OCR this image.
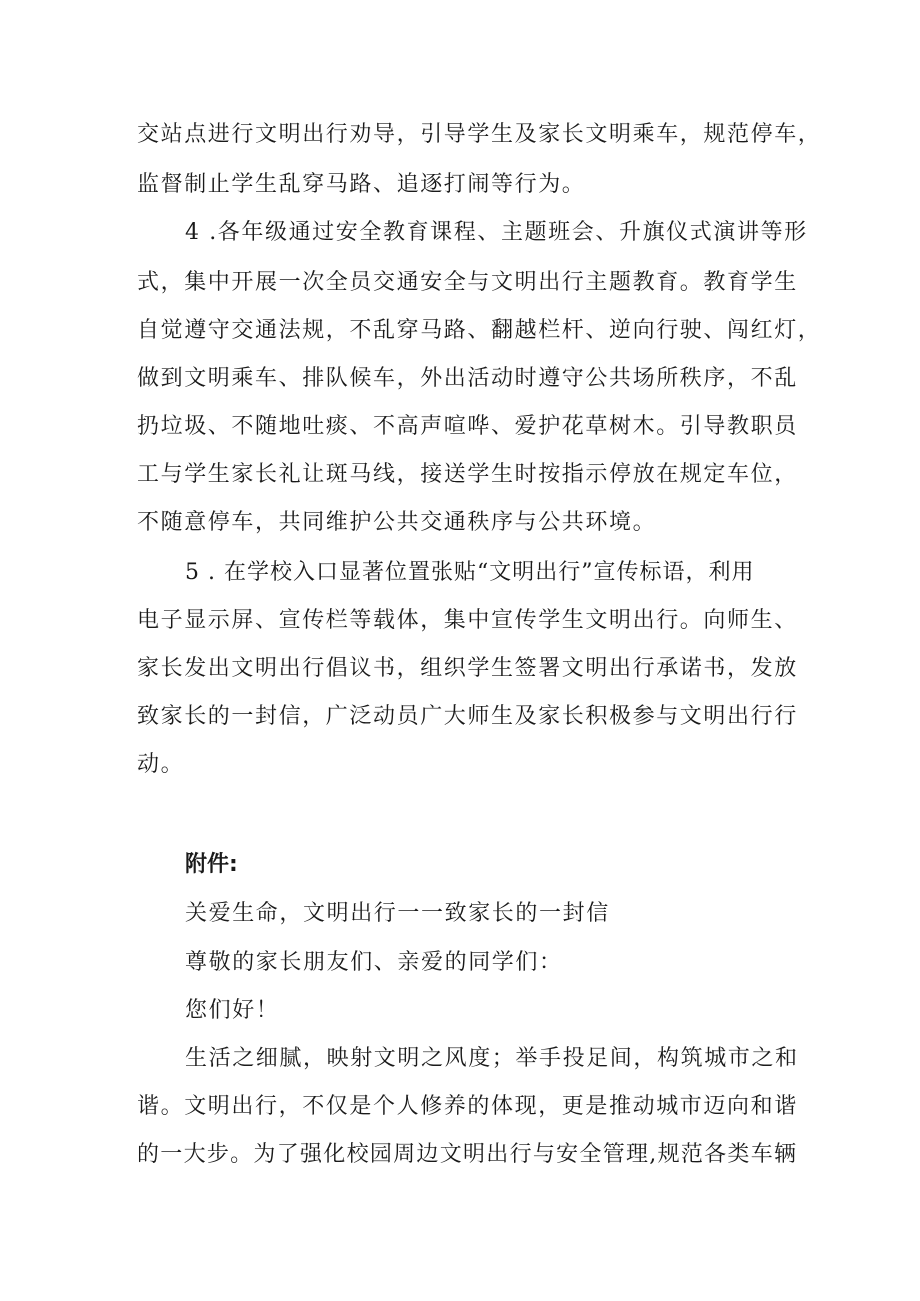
交站点进行文明出行劝导，引导学生及家长文明乘车，规范停车，
监督制止学生乱穿马路、追逐打闹等行为。
4 .各年级通过安全教育课程、主题班会、升旗仪式演讲等形
式，集中开展一次全员交通安全与文明出行主题教育。教育学生
自觉遵守交通法规，不乱穿马路、翻越栏杆、逆向行驶、闯红灯，
做到文明乘车、排队候车，外出活动时遵守公共场所秩序，不乱
扔垃圾、不随地吐痰、不高声喧哗、爱护花草树木。引导教职员
工与学生家长礼让斑马线，接送学生时按指示停放在规定车位，
不随意停车，共同维护公共交通秩序与公共环境。
5 . 在学校入口显著位置张贴“文明出行”宣传标语，利用
电子显示屏、宣传栏等载体，集中宣传学生文明出行。向师生、
家长发出文明出行倡议书，组织学生签署文明出行承诺书，发放
致家长的一封信，广泛动员广大师生及家长积极参与文明出行行
动。
附件:
关爱生命，文明出行一一致家长的一封信
尊敬的家长朋友们、亲爱的同学们：
您们好！
生活之细腻，映射文明之风度；举手投足间，构筑城市之和
谐。文明出行，不仅是个人修养的体现，更是推动城市迈向和谐
的一大步。为了强化校园周边文明出行与安全管理,规范各类车辆
